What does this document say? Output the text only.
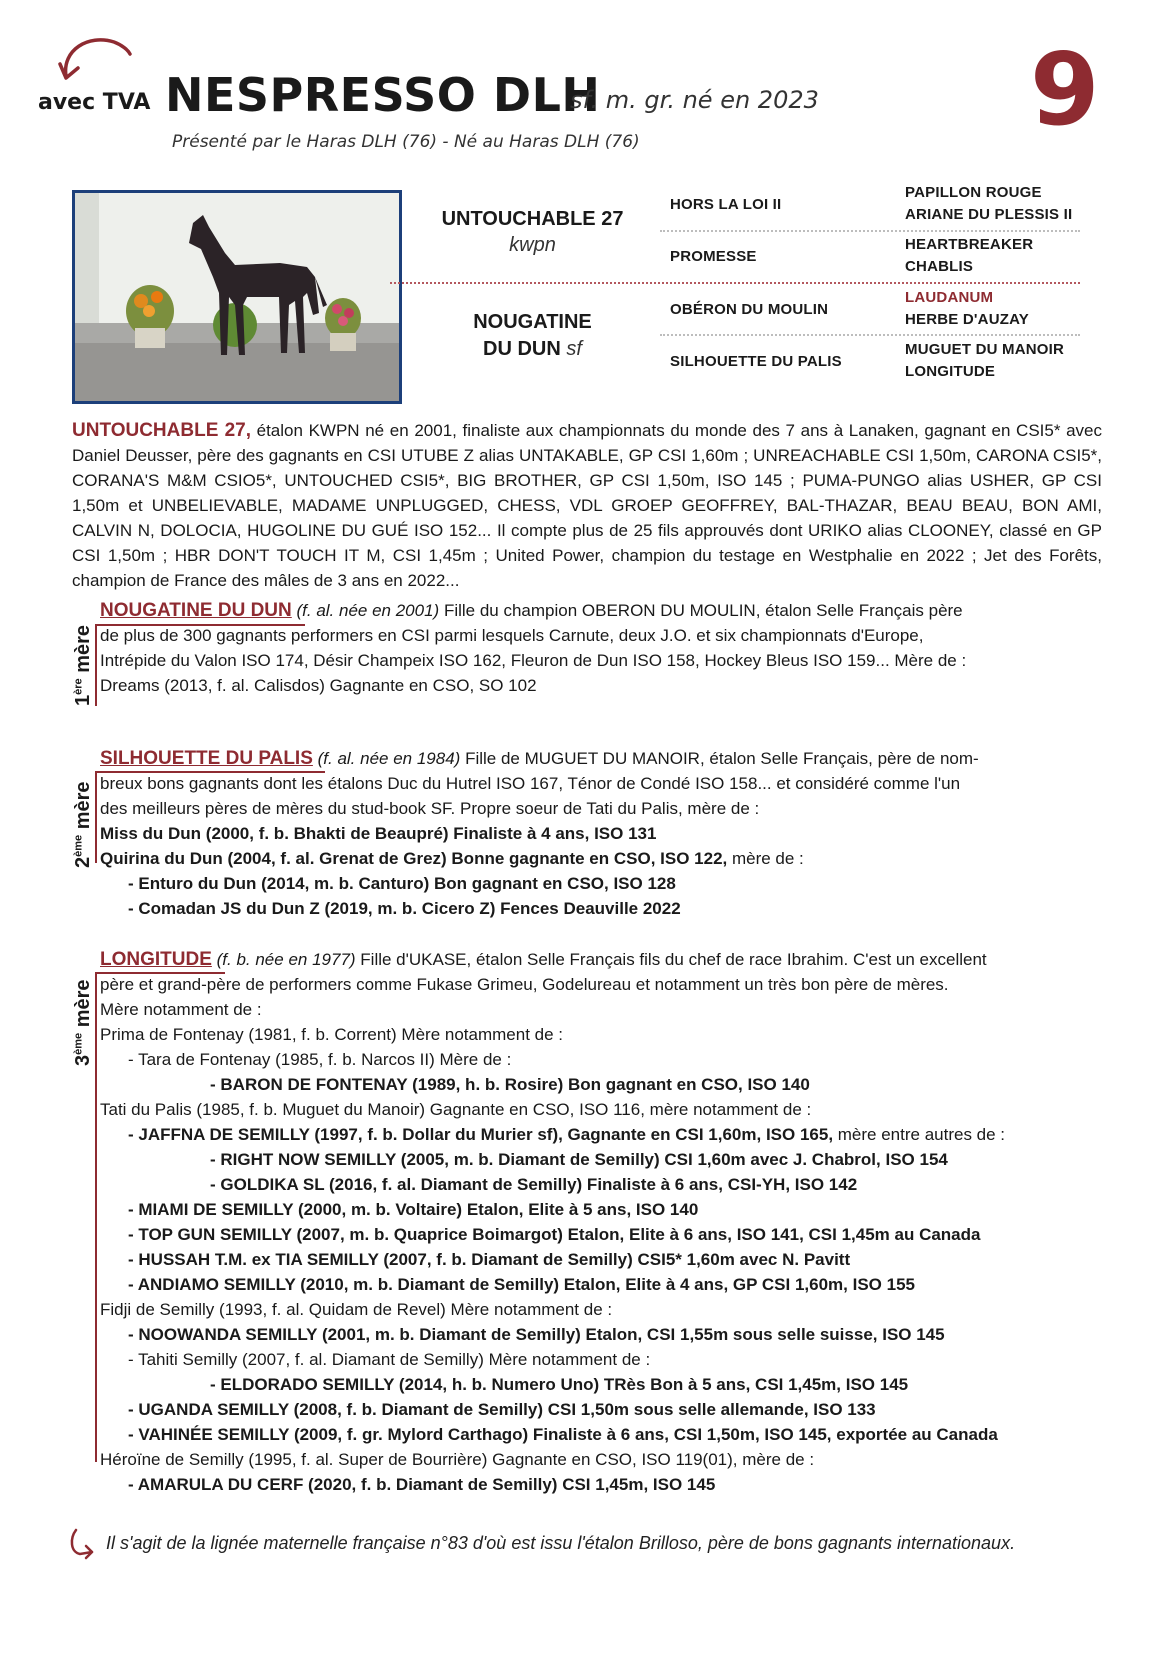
avec TVA NESPRESSO DLH
sf. m. gr. né en 2023
Présenté par le Haras DLH (76) - Né au Haras DLH (76)	9
UNTOUCHABLE 27
kwpn
NOUGATINE
DU DUN sf
HORS LA LOI II
PROMESSE
OBÉRON DU MOULIN
SILHOUETTE DU PALIS
PAPILLON ROUGE
ARIANE DU PLESSIS II
HEARTBREAKER
CHABLIS
LAUDANUM
HERBE D'AUZAY
MUGUET DU MANOIR
LONGITUDE
UNTOUCHABLE 27, étalon KWPN né en 2001, finaliste aux championnats du monde des 7 ans à Lanaken, gagnant en CSI5* avec Daniel Deusser, père des gagnants en CSI UTUBE Z alias UNTAKABLE, GP CSI 1,60m ; UNREACHABLE CSI 1,50m, CARONA CSI5*, CORANA'S M&M CSIO5*, UNTOUCHED CSI5*, BIG BROTHER, GP CSI 1,50m, ISO 145 ; PUMA-PUNGO alias USHER, GP CSI 1,50m et UNBELIEVABLE, MADAME UNPLUGGED, CHESS, VDL GROEP GEOFFREY, BAL-THAZAR, BEAU BEAU, BON AMI, CALVIN N, DOLOCIA, HUGOLINE DU GUÉ ISO 152... Il compte plus de 25 fils approuvés dont URIKO alias CLOONEY, classé en GP CSI 1,50m ; HBR DON'T TOUCH IT M, CSI 1,45m ; United Power, champion du testage en Westphalie en 2022 ; Jet des Forêts, champion de France des mâles de 3 ans en 2022...
1ère mère
NOUGATINE DU DUN (f. al. née en 2001) Fille du champion OBERON DU MOULIN, étalon Selle Français père
de plus de 300 gagnants performers en CSI parmi lesquels Carnute, deux J.O. et six championnats d'Europe,
Intrépide du Valon ISO 174, Désir Champeix ISO 162, Fleuron de Dun ISO 158, Hockey Bleus ISO 159... Mère de :
Dreams (2013, f. al. Calisdos) Gagnante en CSO, SO 102
2ème mère
SILHOUETTE DU PALIS (f. al. née en 1984) Fille de MUGUET DU MANOIR, étalon Selle Français, père de nom-
breux bons gagnants dont les étalons Duc du Hutrel ISO 167, Ténor de Condé ISO 158... et considéré comme l'un
des meilleurs pères de mères du stud-book SF. Propre soeur de Tati du Palis, mère de :
Miss du Dun (2000, f. b. Bhakti de Beaupré) Finaliste à 4 ans, ISO 131
Quirina du Dun (2004, f. al. Grenat de Grez) Bonne gagnante en CSO, ISO 122, mère de :
- Enturo du Dun (2014, m. b. Canturo) Bon gagnant en CSO, ISO 128
- Comadan JS du Dun Z (2019, m. b. Cicero Z) Fences Deauville 2022
3ème mère
LONGITUDE (f. b. née en 1977) Fille d'UKASE, étalon Selle Français fils du chef de race Ibrahim. C'est un excellent
père et grand-père de performers comme Fukase Grimeu, Godelureau et notamment un très bon père de mères.
Mère notamment de :
Prima de Fontenay (1981, f. b. Corrent) Mère notamment de :
- Tara de Fontenay (1985, f. b. Narcos II) Mère de :
- BARON DE FONTENAY (1989, h. b. Rosire) Bon gagnant en CSO, ISO 140
Tati du Palis (1985, f. b. Muguet du Manoir) Gagnante en CSO, ISO 116, mère notamment de :
- JAFFNA DE SEMILLY (1997, f. b. Dollar du Murier sf), Gagnante en CSI 1,60m, ISO 165, mère entre autres de :
- RIGHT NOW SEMILLY (2005, m. b. Diamant de Semilly) CSI 1,60m avec J. Chabrol, ISO 154
- GOLDIKA SL (2016, f. al. Diamant de Semilly) Finaliste à 6 ans, CSI-YH, ISO 142
- MIAMI DE SEMILLY (2000, m. b. Voltaire) Etalon, Elite à 5 ans, ISO 140
- TOP GUN SEMILLY (2007, m. b. Quaprice Boimargot) Etalon, Elite à 6 ans, ISO 141, CSI 1,45m au Canada
- HUSSAH T.M. ex TIA SEMILLY (2007, f. b. Diamant de Semilly) CSI5* 1,60m avec N. Pavitt
- ANDIAMO SEMILLY (2010, m. b. Diamant de Semilly) Etalon, Elite à 4 ans, GP CSI 1,60m, ISO 155
Fidji de Semilly (1993, f. al. Quidam de Revel) Mère notamment de :
- NOOWANDA SEMILLY (2001, m. b. Diamant de Semilly) Etalon, CSI 1,55m sous selle suisse, ISO 145
- Tahiti Semilly (2007, f. al. Diamant de Semilly) Mère notamment de :
- ELDORADO SEMILLY (2014, h. b. Numero Uno) TRès Bon à 5 ans, CSI 1,45m, ISO 145
- UGANDA SEMILLY (2008, f. b. Diamant de Semilly) CSI 1,50m sous selle allemande, ISO 133
- VAHINÉE SEMILLY (2009, f. gr. Mylord Carthago) Finaliste à 6 ans, CSI 1,50m, ISO 145, exportée au Canada
Héroïne de Semilly (1995, f. al. Super de Bourrière) Gagnante en CSO, ISO 119(01), mère de :
- AMARULA DU CERF (2020, f. b. Diamant de Semilly) CSI 1,45m, ISO 145
Il s'agit de la lignée maternelle française n°83 d'où est issu l'étalon Brilloso, père de bons gagnants internationaux.
